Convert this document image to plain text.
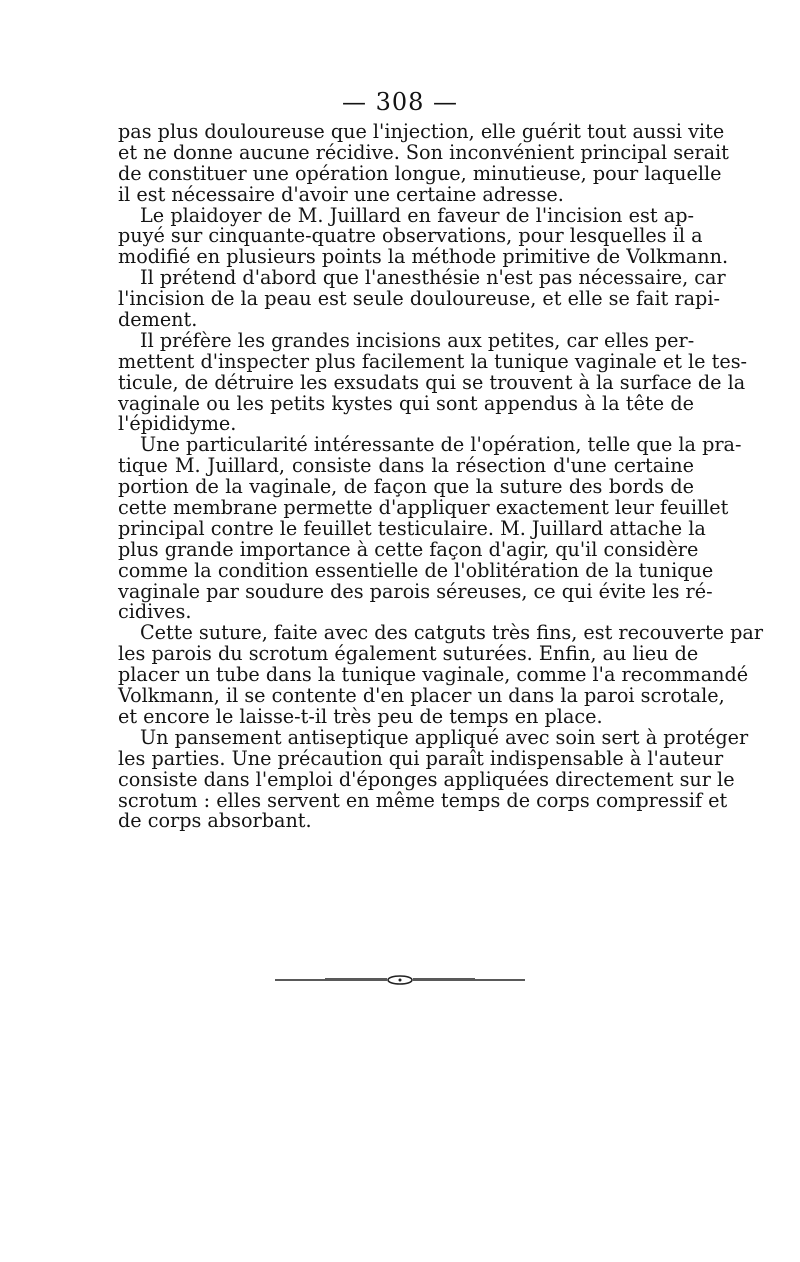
— 308 —
pas plus douloureuse que l'injection, elle guérit tout aussi vite
et ne donne aucune récidive. Son inconvénient principal serait
de constituer une opération longue, minutieuse, pour laquelle
il est nécessaire d'avoir une certaine adresse.
Le plaidoyer de M. Juillard en faveur de l'incision est ap-
puyé sur cinquante-quatre observations, pour lesquelles il a
modifié en plusieurs points la méthode primitive de Volkmann.
Il prétend d'abord que l'anesthésie n'est pas nécessaire, car
l'incision de la peau est seule douloureuse, et elle se fait rapi-
dement.
Il préfère les grandes incisions aux petites, car elles per-
mettent d'inspecter plus facilement la tunique vaginale et le tes-
ticule, de détruire les exsudats qui se trouvent à la surface de la
vaginale ou les petits kystes qui sont appendus à la tête de
l'épididyme.
Une particularité intéressante de l'opération, telle que la pra-
tique M. Juillard, consiste dans la résection d'une certaine
portion de la vaginale, de façon que la suture des bords de
cette membrane permette d'appliquer exactement leur feuillet
principal contre le feuillet testiculaire. M. Juillard attache la
plus grande importance à cette façon d'agir, qu'il considère
comme la condition essentielle de l'oblitération de la tunique
vaginale par soudure des parois séreuses, ce qui évite les ré-
cidives.
Cette suture, faite avec des catguts très fins, est recouverte par
les parois du scrotum également suturées. Enfin, au lieu de
placer un tube dans la tunique vaginale, comme l'a recommandé
Volkmann, il se contente d'en placer un dans la paroi scrotale,
et encore le laisse-t-il très peu de temps en place.
Un pansement antiseptique appliqué avec soin sert à protéger
les parties. Une précaution qui paraît indispensable à l'auteur
consiste dans l'emploi d'éponges appliquées directement sur le
scrotum : elles servent en même temps de corps compressif et
de corps absorbant.
